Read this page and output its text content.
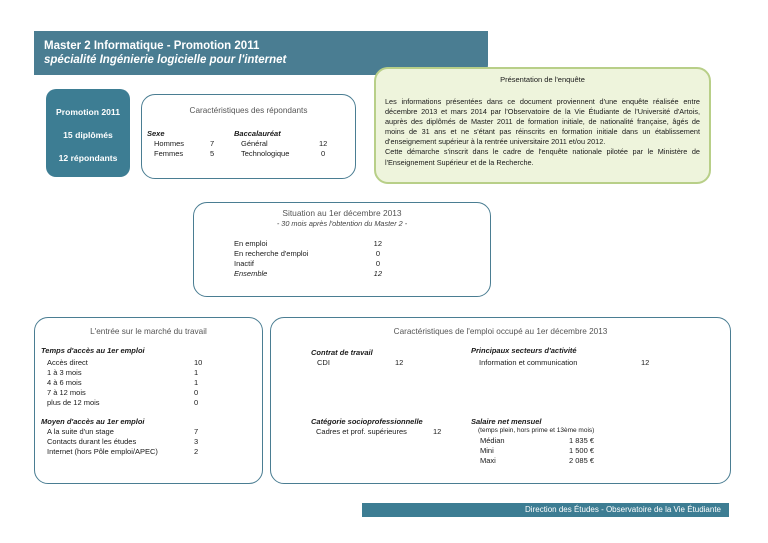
Master 2 Informatique - Promotion 2011
spécialité Ingénierie logicielle pour l'internet
Présentation de l'enquête
Les informations présentées dans ce document proviennent d'une enquête réalisée entre décembre 2013 et mars 2014 par l'Observatoire de la Vie Étudiante de l'Université d'Artois, auprès des diplômés de Master 2011 de formation initiale, de nationalité française, âgés de moins de 31 ans et ne s'étant pas réinscrits en formation initiale dans un établissement d'enseignement supérieur à la rentrée universitaire 2011 et/ou 2012.
Cette démarche s'inscrit dans le cadre de l'enquête nationale pilotée par le Ministère de l'Enseignement Supérieur et de la Recherche.
Promotion 2011
15 diplômés
12 répondants
Caractéristiques des répondants
Sexe
Hommes	7
Femmes	5
Baccalauréat
Général	12
Technologique	0
Situation au 1er décembre 2013
- 30 mois après l'obtention du Master 2 -
En emploi	12
En recherche d'emploi	0
Inactif	0
Ensemble	12
L'entrée sur le marché du travail
Temps d'accès au 1er emploi
Accès direct	10
1 à 3 mois	1
4 à 6 mois	1
7 à 12 mois	0
plus de 12 mois	0
Moyen d'accès au 1er emploi
A la suite d'un stage	7
Contacts durant les études	3
Internet (hors Pôle emploi/APEC)	2
Caractéristiques de l'emploi occupé au 1er décembre 2013
Contrat de travail
CDI	12
Principaux secteurs d'activité
Information et communication	12
Catégorie socioprofessionnelle
Cadres et prof. supérieures	12
Salaire net mensuel
(temps plein, hors prime et 13ème mois)
Médian	1 835 €
Mini	1 500 €
Maxi	2 085 €
Direction des Études - Observatoire de la Vie Étudiante
